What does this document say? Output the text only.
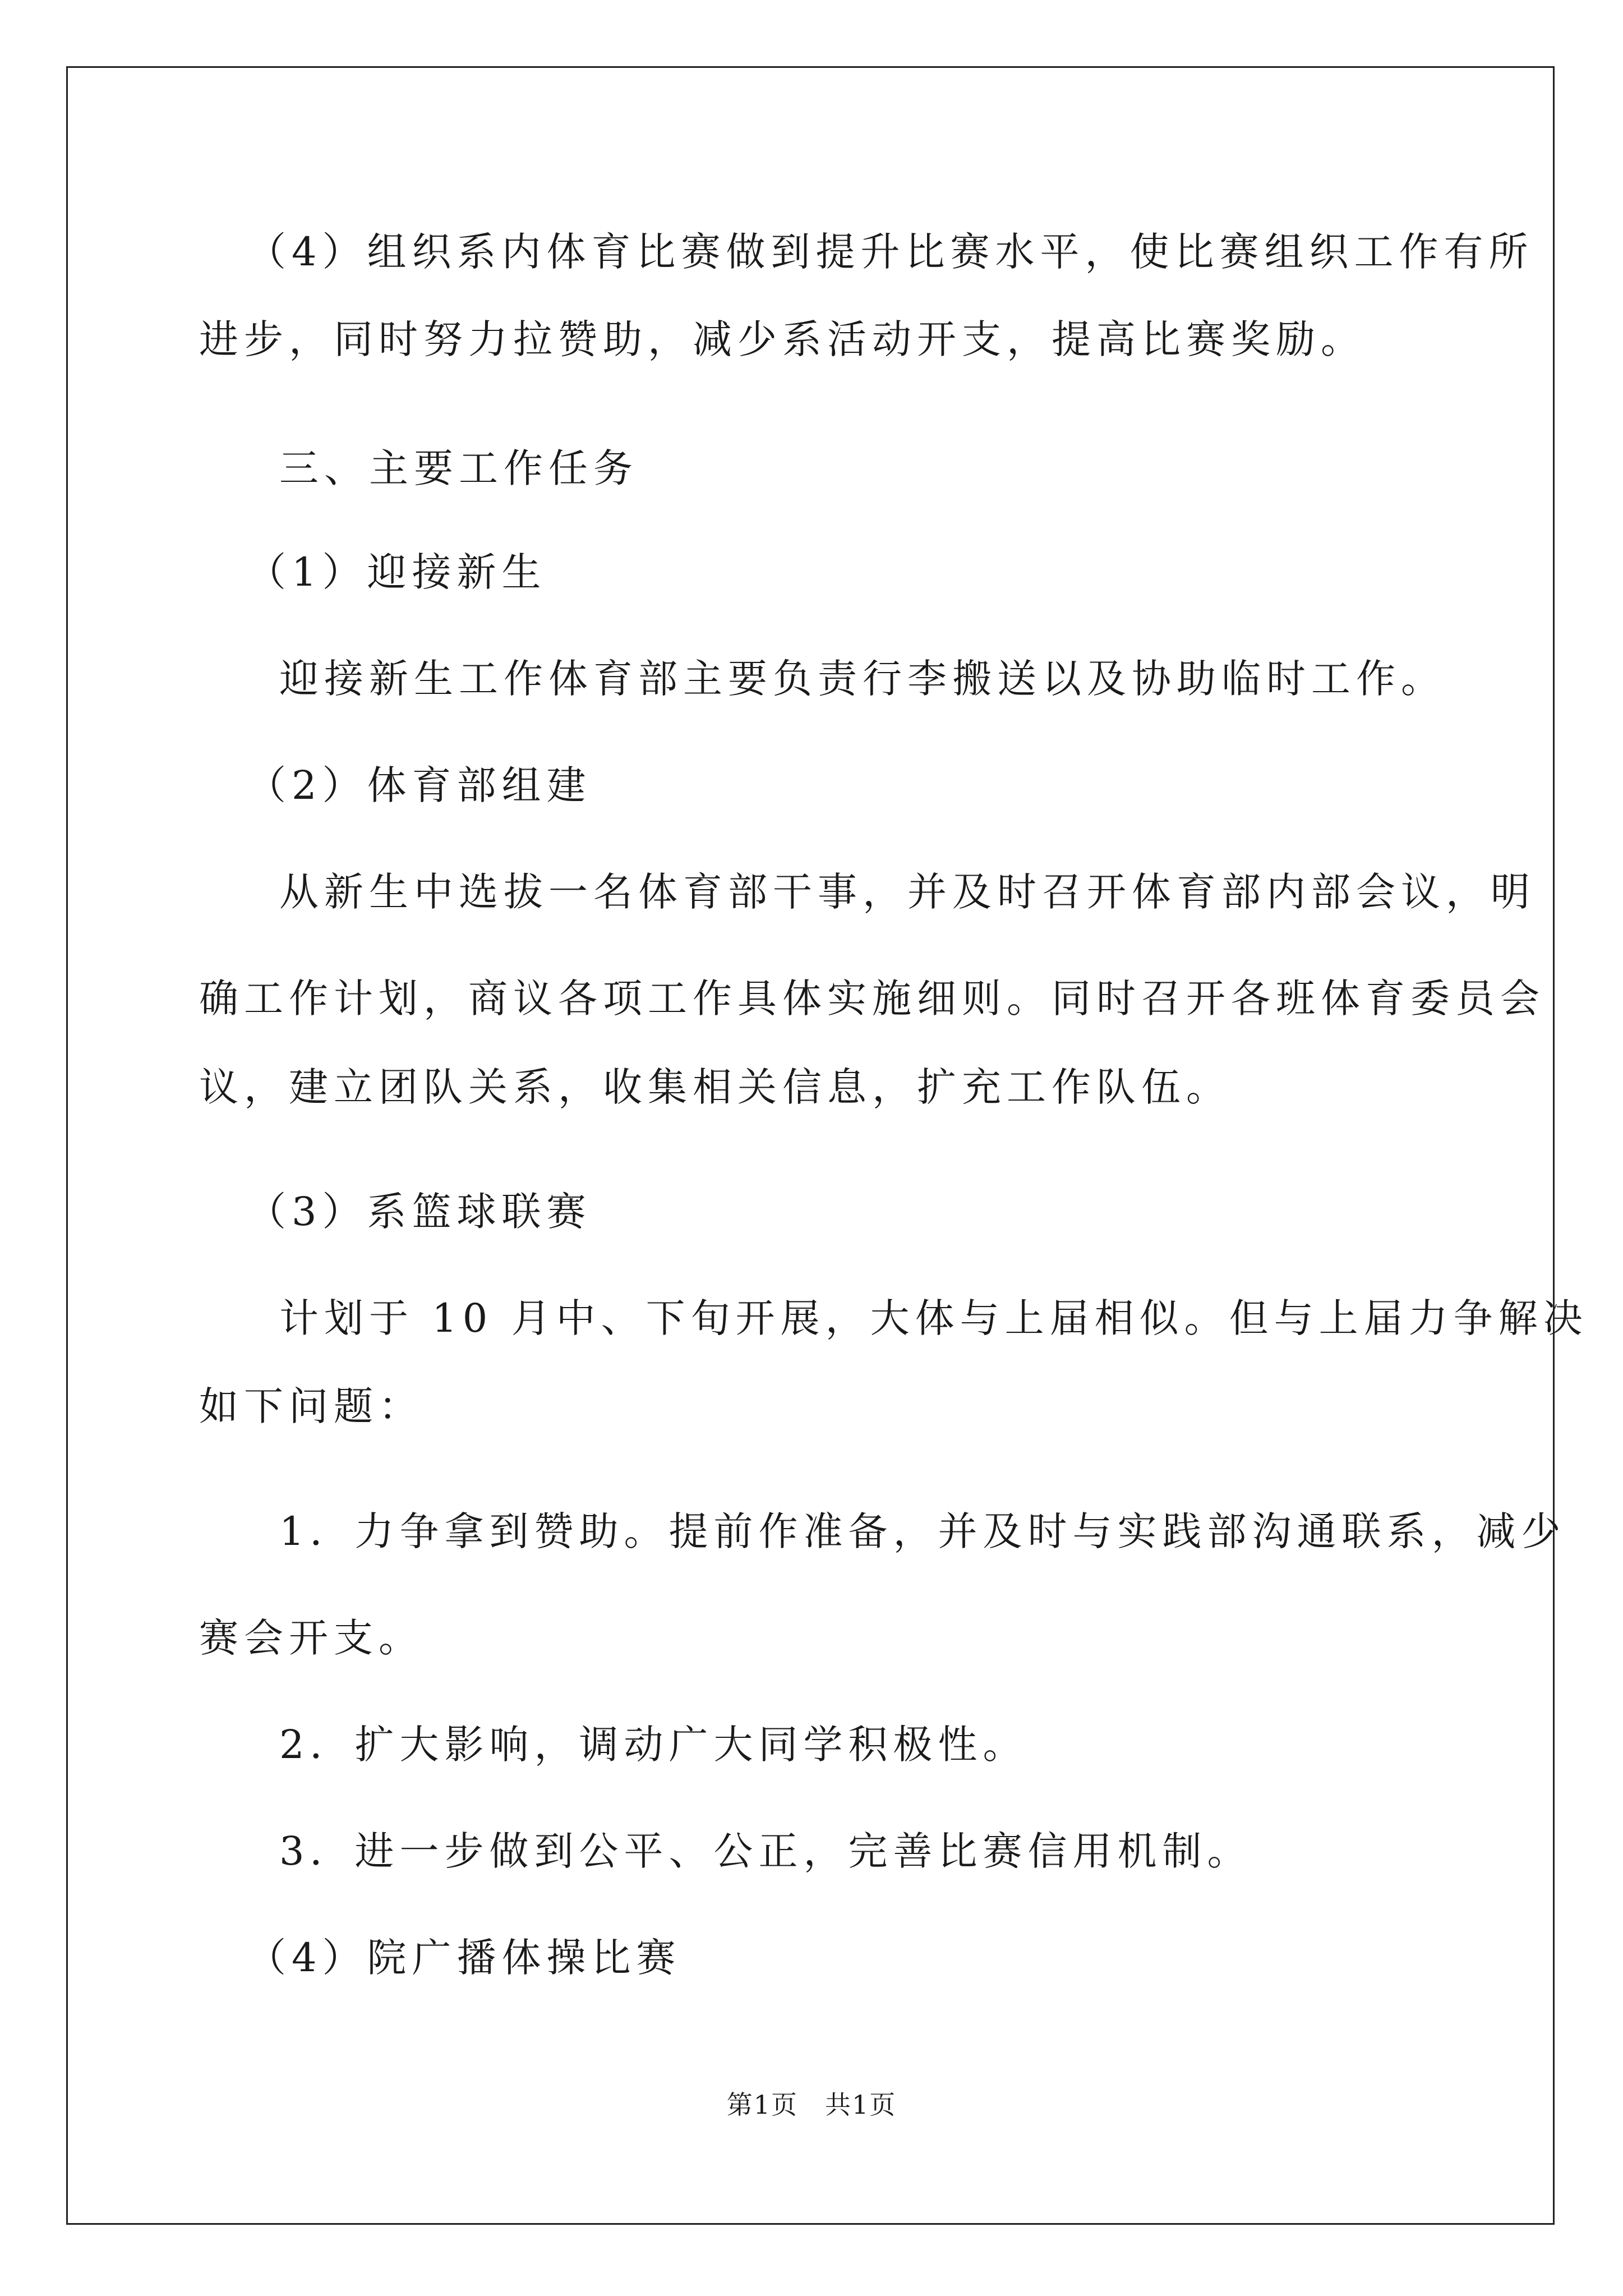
（4）组织系内体育比赛做到提升比赛水平，使比赛组织工作有所
进步，同时努力拉赞助，减少系活动开支，提高比赛奖励。
三、主要工作任务
（1）迎接新生
迎接新生工作体育部主要负责行李搬送以及协助临时工作。
（2）体育部组建
从新生中选拔一名体育部干事，并及时召开体育部内部会议，明
确工作计划，商议各项工作具体实施细则。同时召开各班体育委员会
议，建立团队关系，收集相关信息，扩充工作队伍。
（3）系篮球联赛
计划于 10 月中、下旬开展，大体与上届相似。但与上届力争解决
如下问题：
1．力争拿到赞助。提前作准备，并及时与实践部沟通联系，减少
赛会开支。
2．扩大影响，调动广大同学积极性。
3．进一步做到公平、公正，完善比赛信用机制。
（4）院广播体操比赛
第1页　共1页
